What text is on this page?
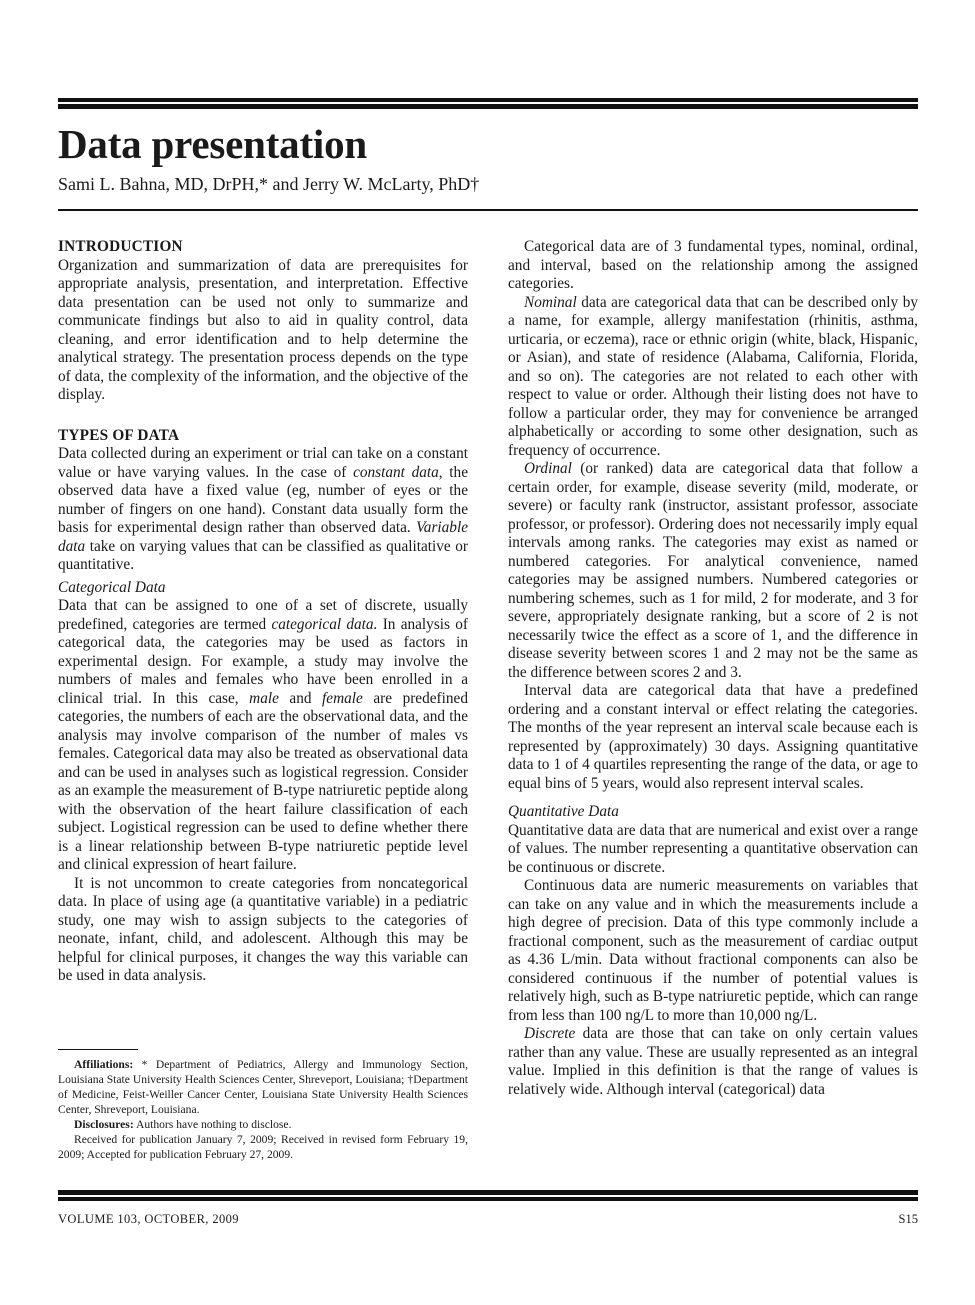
Data presentation
Sami L. Bahna, MD, DrPH,* and Jerry W. McLarty, PhD†
INTRODUCTION

Organization and summarization of data are prerequisites for appropriate analysis, presentation, and interpretation. Effective data presentation can be used not only to summarize and communicate findings but also to aid in quality control, data cleaning, and error identification and to help determine the analytical strategy. The presentation process depends on the type of data, the complexity of the information, and the objective of the display.

TYPES OF DATA

Data collected during an experiment or trial can take on a constant value or have varying values. In the case of constant data, the observed data have a fixed value (eg, number of eyes or the number of fingers on one hand). Constant data usually form the basis for experimental design rather than observed data. Variable data take on varying values that can be classified as qualitative or quantitative.

Categorical Data

Data that can be assigned to one of a set of discrete, usually predefined, categories are termed categorical data. In analysis of categorical data, the categories may be used as factors in experimental design. For example, a study may involve the numbers of males and females who have been enrolled in a clinical trial. In this case, male and female are predefined categories, the numbers of each are the observational data, and the analysis may involve comparison of the number of males vs females. Categorical data may also be treated as observational data and can be used in analyses such as logistical regression. Consider as an example the measurement of B-type natriuretic peptide along with the observation of the heart failure classification of each subject. Logistical regression can be used to define whether there is a linear relationship between B-type natriuretic peptide level and clinical expression of heart failure.

It is not uncommon to create categories from noncategorical data. In place of using age (a quantitative variable) in a pediatric study, one may wish to assign subjects to the categories of neonate, infant, child, and adolescent. Although this may be helpful for clinical purposes, it changes the way this variable can be used in data analysis.

Categorical data are of 3 fundamental types, nominal, ordinal, and interval, based on the relationship among the assigned categories.

Nominal data are categorical data that can be described only by a name, for example, allergy manifestation (rhinitis, asthma, urticaria, or eczema), race or ethnic origin (white, black, Hispanic, or Asian), and state of residence (Alabama, California, Florida, and so on). The categories are not related to each other with respect to value or order. Although their listing does not have to follow a particular order, they may for convenience be arranged alphabetically or according to some other designation, such as frequency of occurrence.

Ordinal (or ranked) data are categorical data that follow a certain order, for example, disease severity (mild, moderate, or severe) or faculty rank (instructor, assistant professor, associate professor, or professor). Ordering does not necessarily imply equal intervals among ranks. The categories may exist as named or numbered categories. For analytical convenience, named categories may be assigned numbers. Numbered categories or numbering schemes, such as 1 for mild, 2 for moderate, and 3 for severe, appropriately designate ranking, but a score of 2 is not necessarily twice the effect as a score of 1, and the difference in disease severity between scores 1 and 2 may not be the same as the difference between scores 2 and 3.

Interval data are categorical data that have a predefined ordering and a constant interval or effect relating the categories. The months of the year represent an interval scale because each is represented by (approximately) 30 days. Assigning quantitative data to 1 of 4 quartiles representing the range of the data, or age to equal bins of 5 years, would also represent interval scales.

Quantitative Data

Quantitative data are data that are numerical and exist over a range of values. The number representing a quantitative observation can be continuous or discrete.

Continuous data are numeric measurements on variables that can take on any value and in which the measurements include a high degree of precision. Data of this type commonly include a fractional component, such as the measurement of cardiac output as 4.36 L/min. Data without fractional components can also be considered continuous if the number of potential values is relatively high, such as B-type natriuretic peptide, which can range from less than 100 ng/L to more than 10,000 ng/L.

Discrete data are those that can take on only certain values rather than any value. These are usually represented as an integral value. Implied in this definition is that the range of values is relatively wide. Although interval (categorical) data

Affiliations: * Department of Pediatrics, Allergy and Immunology Section, Louisiana State University Health Sciences Center, Shreveport, Louisiana; †Department of Medicine, Feist-Weiller Cancer Center, Louisiana State University Health Sciences Center, Shreveport, Louisiana.

Disclosures: Authors have nothing to disclose.

Received for publication January 7, 2009; Received in revised form February 19, 2009; Accepted for publication February 27, 2009.

VOLUME 103, OCTOBER, 2009	S15
